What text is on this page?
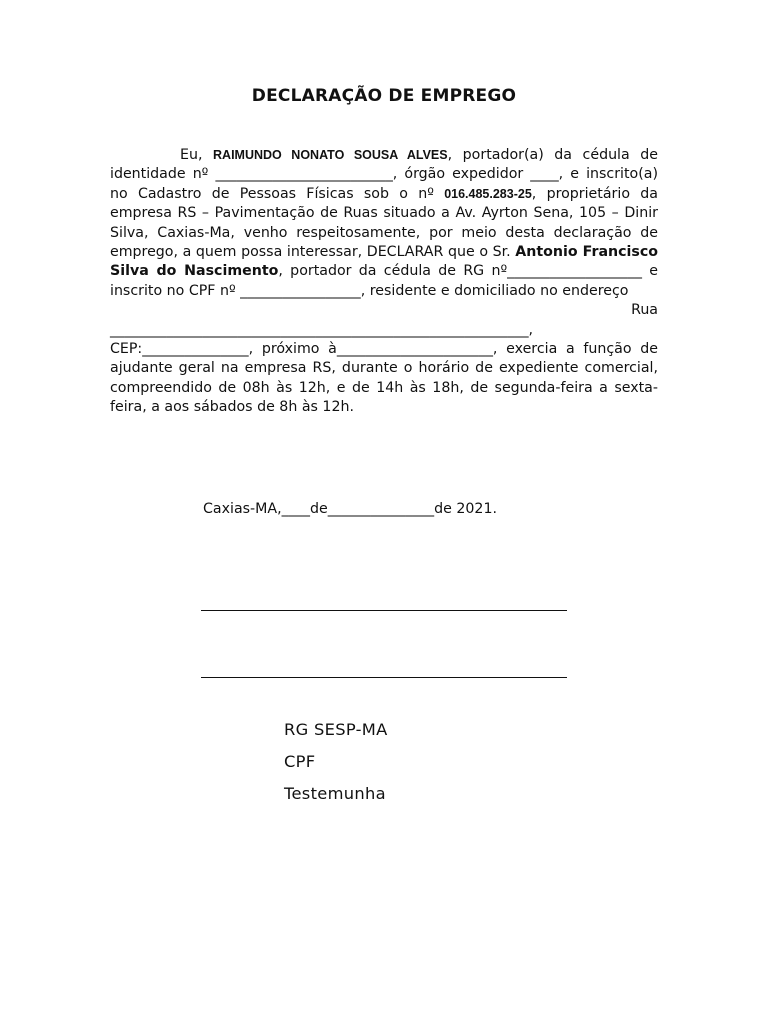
DECLARAÇÃO DE EMPREGO
Eu, RAIMUNDO NONATO SOUSA ALVES, portador(a) da cédula de identidade nº _________________________, órgão expedidor ____, e inscrito(a) no Cadastro de Pessoas Físicas sob o nº 016.485.283-25, proprietário da empresa RS – Pavimentação de Ruas situado a Av. Ayrton Sena, 105 – Dinir Silva, Caxias-Ma, venho respeitosamente, por meio desta declaração de emprego, a quem possa interessar, DECLARAR que o Sr. Antonio Francisco Silva do Nascimento, portador da cédula de RG nº___________________ e inscrito no CPF nº _________________, residente e domiciliado no endereço
Rua
___________________________________________________________, CEP:_______________, próximo à______________________, exercia a função de ajudante geral na empresa RS, durante o horário de expediente comercial, compreendido de 08h às 12h, e de 14h às 18h, de segunda-feira a sexta-feira, a aos sábados de 8h às 12h.
Caxias-MA,____de_______________de 2021.
RG SESP-MA
CPF
Testemunha
